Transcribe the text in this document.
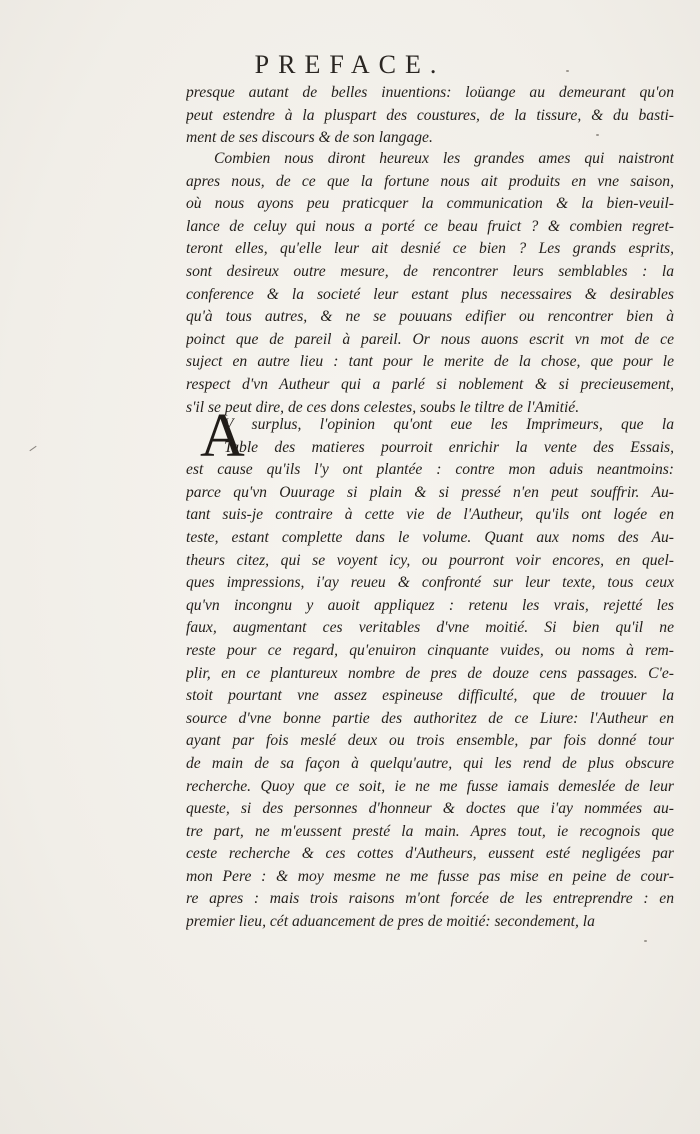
PREFACE.
presque autant de belles inuentions: loüange au demeurant qu'on
peut estendre à la pluspart des coustures, de la tissure, & du basti-
ment de ses discours & de son langage.
Combien nous diront heureux les grandes ames qui naistront
apres nous, de ce que la fortune nous ait produits en vne saison,
où nous ayons peu praticquer la communication & la bien-veuil-
lance de celuy qui nous a porté ce beau fruict ? & combien regret-
teront elles, qu'elle leur ait desnié ce bien ? Les grands esprits,
sont desireux outre mesure, de rencontrer leurs semblables : la
conference & la societé leur estant plus necessaires & desirables
qu'à tous autres, & ne se pouuans edifier ou rencontrer bien à
poinct que de pareil à pareil. Or nous auons escrit vn mot de ce
suject en autre lieu : tant pour le merite de la chose, que pour le
respect d'vn Autheur qui a parlé si noblement & si precieusement,
s'il se peut dire, de ces dons celestes, soubs le tiltre de l'Amitié.
A
V surplus, l'opinion qu'ont eue les Imprimeurs, que la
Table des matieres pourroit enrichir la vente des Essais,
est cause qu'ils l'y ont plantée : contre mon aduis neantmoins:
parce qu'vn Ouurage si plain & si pressé n'en peut souffrir. Au-
tant suis-je contraire à cette vie de l'Autheur, qu'ils ont logée en
teste, estant complette dans le volume. Quant aux noms des Au-
theurs citez, qui se voyent icy, ou pourront voir encores, en quel-
ques impressions, i'ay reueu & confronté sur leur texte, tous ceux
qu'vn incongnu y auoit appliquez : retenu les vrais, rejetté les
faux, augmentant ces veritables d'vne moitié. Si bien qu'il ne
reste pour ce regard, qu'enuiron cinquante vuides, ou noms à rem-
plir, en ce plantureux nombre de pres de douze cens passages. C'e-
stoit pourtant vne assez espineuse difficulté, que de trouuer la
source d'vne bonne partie des authoritez de ce Liure: l'Autheur en
ayant par fois meslé deux ou trois ensemble, par fois donné tour
de main de sa façon à quelqu'autre, qui les rend de plus obscure
recherche. Quoy que ce soit, ie ne me fusse iamais demeslée de leur
queste, si des personnes d'honneur & doctes que i'ay nommées au-
tre part, ne m'eussent presté la main. Apres tout, ie recognois que
ceste recherche & ces cottes d'Autheurs, eussent esté negligées par
mon Pere : & moy mesme ne me fusse pas mise en peine de cour-
re apres : mais trois raisons m'ont forcée de les entreprendre : en
premier lieu, cét aduancement de pres de moitié: secondement, la
